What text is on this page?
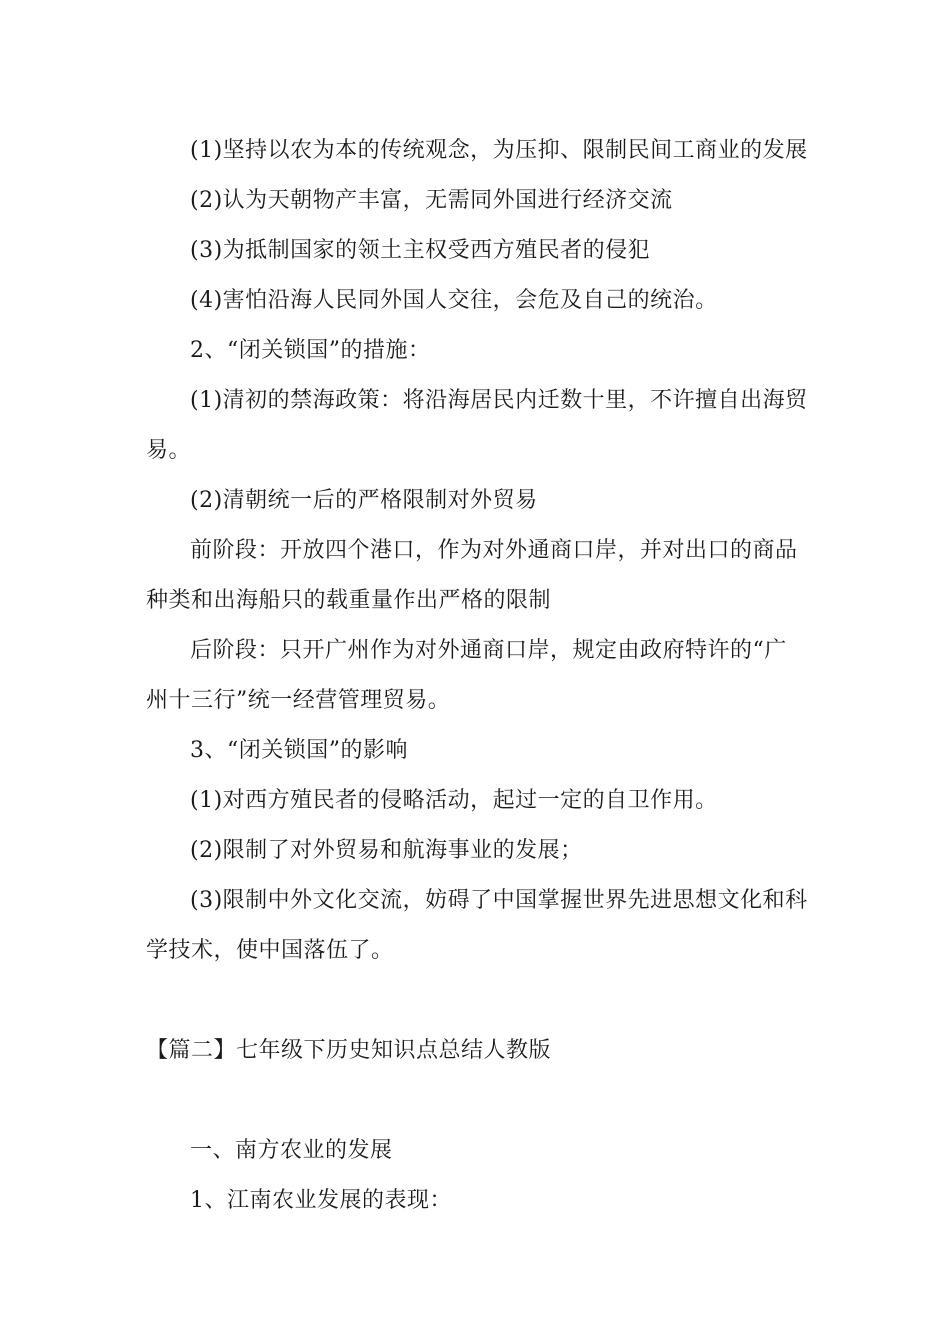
(1)坚持以农为本的传统观念，为压抑、限制民间工商业的发展
(2)认为天朝物产丰富，无需同外国进行经济交流
(3)为抵制国家的领土主权受西方殖民者的侵犯
(4)害怕沿海人民同外国人交往，会危及自己的统治。
2、“闭关锁国”的措施：
(1)清初的禁海政策：将沿海居民内迁数十里，不许擅自出海贸
易。
(2)清朝统一后的严格限制对外贸易
前阶段：开放四个港口，作为对外通商口岸，并对出口的商品
种类和出海船只的载重量作出严格的限制
后阶段：只开广州作为对外通商口岸，规定由政府特许的“广
州十三行”统一经营管理贸易。
3、“闭关锁国”的影响
(1)对西方殖民者的侵略活动，起过一定的自卫作用。
(2)限制了对外贸易和航海事业的发展；
(3)限制中外文化交流，妨碍了中国掌握世界先进思想文化和科
学技术，使中国落伍了。
【篇二】七年级下历史知识点总结人教版
一、南方农业的发展
1、江南农业发展的表现：
